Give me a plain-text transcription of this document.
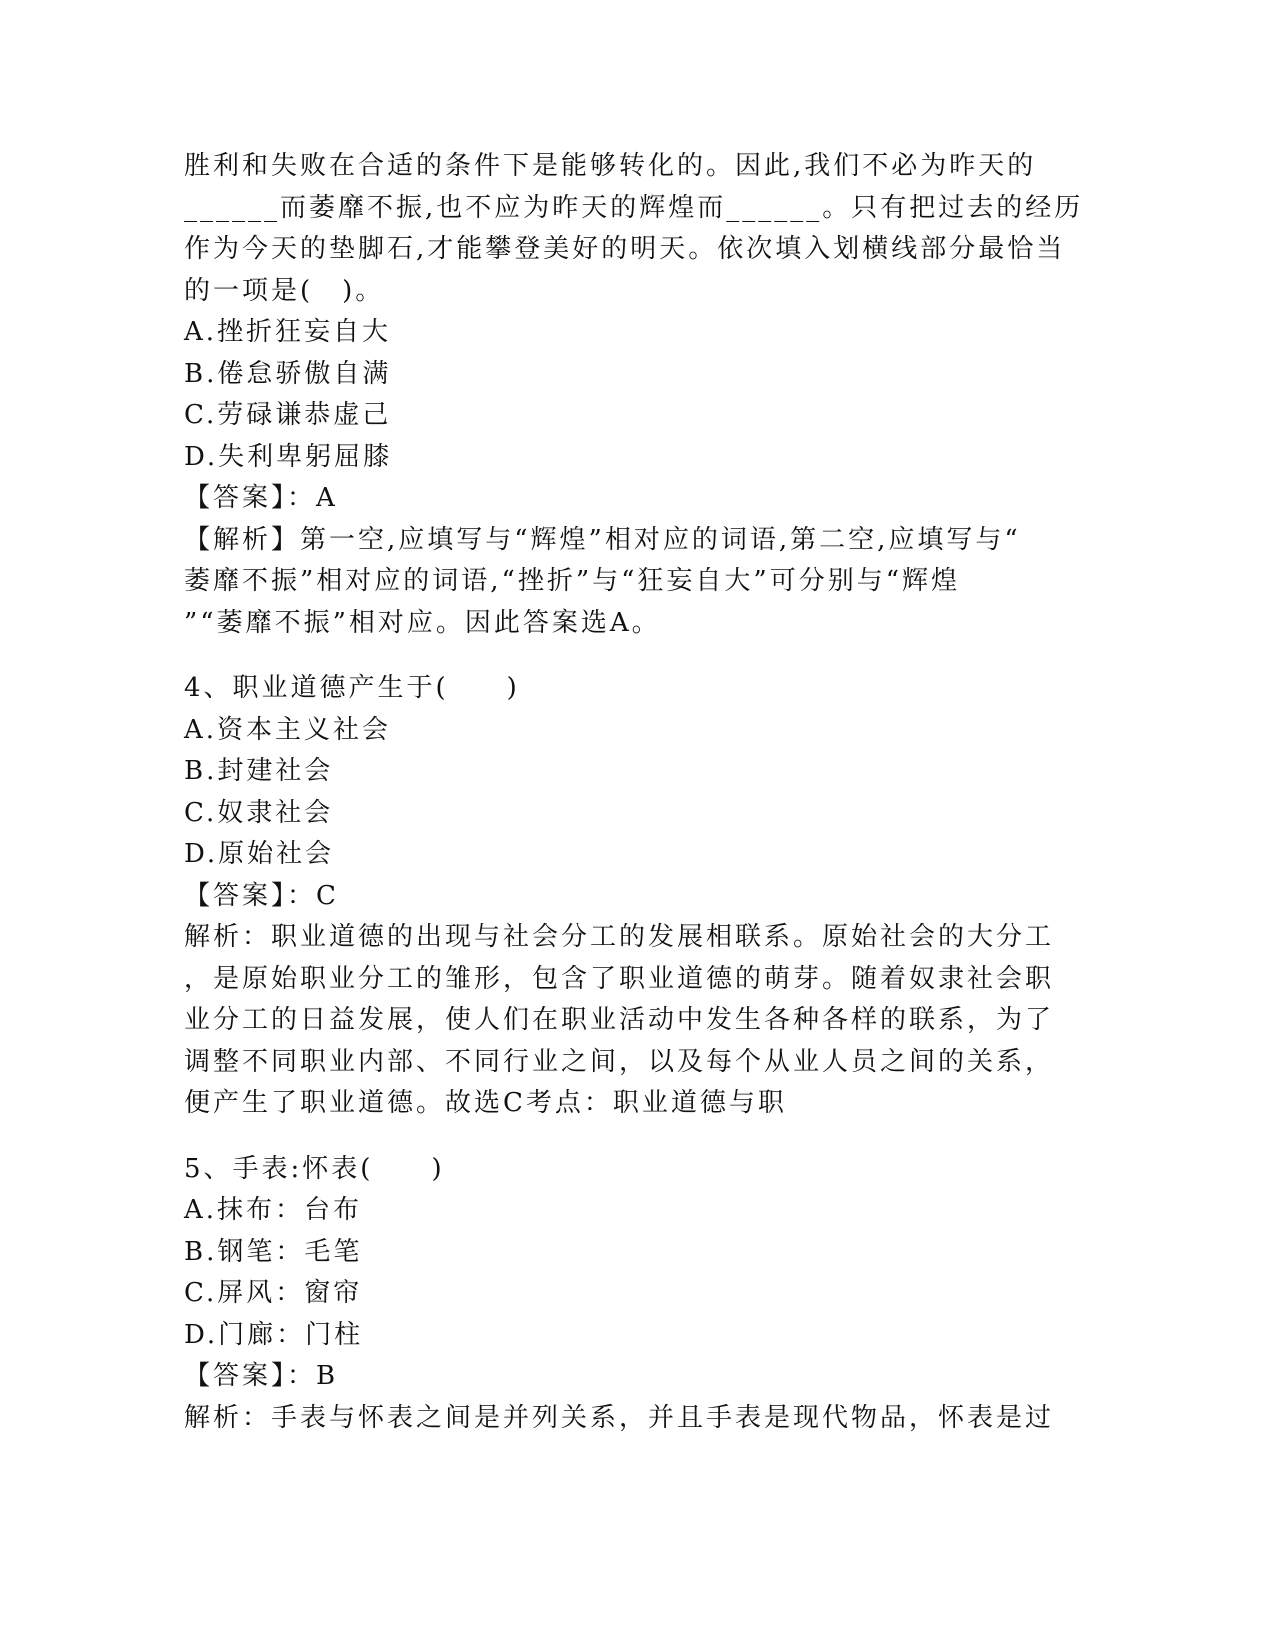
胜利和失败在合适的条件下是能够转化的。因此,我们不必为昨天的
______而萎靡不振,也不应为昨天的辉煌而______。只有把过去的经历
作为今天的垫脚石,才能攀登美好的明天。依次填入划横线部分最恰当
的一项是(　)。
A.挫折狂妄自大
B.倦怠骄傲自满
C.劳碌谦恭虚己
D.失利卑躬屈膝
【答案】：A
【解析】第一空,应填写与“辉煌”相对应的词语,第二空,应填写与“
萎靡不振”相对应的词语,“挫折”与“狂妄自大”可分别与“辉煌
”“萎靡不振”相对应。因此答案选A。
4、职业道德产生于(　　)
A.资本主义社会
B.封建社会
C.奴隶社会
D.原始社会
【答案】：C
解析：职业道德的出现与社会分工的发展相联系。原始社会的大分工
，是原始职业分工的雏形，包含了职业道德的萌芽。随着奴隶社会职
业分工的日益发展，使人们在职业活动中发生各种各样的联系，为了
调整不同职业内部、不同行业之间，以及每个从业人员之间的关系，
便产生了职业道德。故选C考点：职业道德与职
5、手表:怀表(　　)
A.抹布：台布
B.钢笔：毛笔
C.屏风：窗帘
D.门廊：门柱
【答案】：B
解析：手表与怀表之间是并列关系，并且手表是现代物品，怀表是过
